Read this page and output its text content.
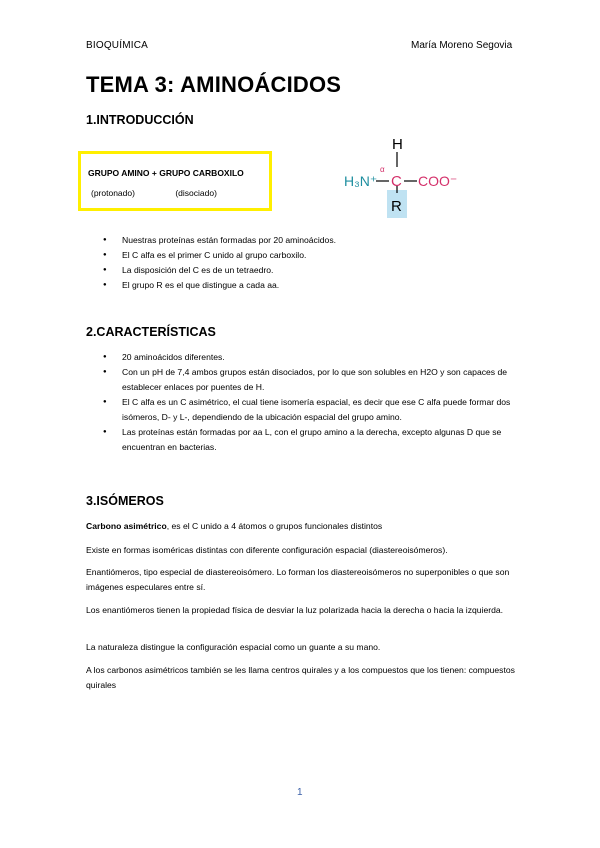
BIOQUÍMICA	María Moreno Segovia
TEMA 3: AMINOÁCIDOS
1.INTRODUCCIÓN
GRUPO AMINO + GRUPO CARBOXILO
(protonado)	(disociado)
H
α
C
H₃N⁺	COO⁻
R
● Nuestras proteínas están formadas por 20 aminoácidos.
● El C alfa es el primer C unido al grupo carboxilo.
● La disposición del C es de un tetraedro.
● El grupo R es el que distingue a cada aa.
2.CARACTERÍSTICAS
● 20 aminoácidos diferentes.
● Con un pH de 7,4 ambos grupos están disociados, por lo que son solubles en H2O y son capaces de establecer enlaces por puentes de H.
● El C alfa es un C asimétrico, el cual tiene isomería espacial, es decir que ese C alfa puede formar dos isómeros, D- y L-, dependiendo de la ubicación espacial del grupo amino.
● Las proteínas están formadas por aa L, con el grupo amino a la derecha, excepto algunas D que se encuentran en bacterias.
3.ISÓMEROS
Carbono asimétrico, es el C unido a 4 átomos o grupos funcionales distintos
Existe en formas isoméricas distintas con diferente configuración espacial (diastereoisómeros).
Enantiómeros, tipo especial de diastereoisómero. Lo forman los diastereoisómeros no superponibles o que son imágenes especulares entre sí.
Los enantiómeros tienen la propiedad física de desviar la luz polarizada hacia la derecha o hacia la izquierda.
La naturaleza distingue la configuración espacial como un guante a su mano.
A los carbonos asimétricos también se les llama centros quirales y a los compuestos que los tienen: compuestos quirales
1
